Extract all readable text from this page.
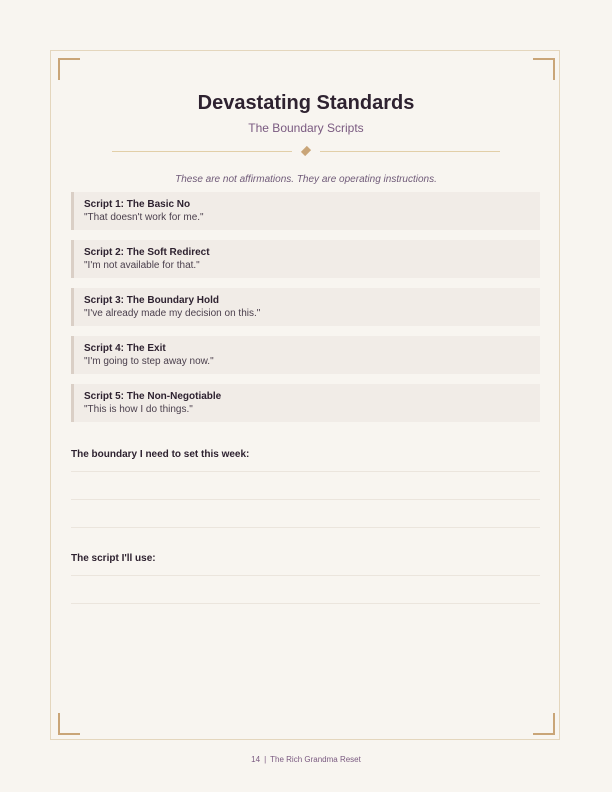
Devastating Standards
The Boundary Scripts
These are not affirmations. They are operating instructions.
Script 1: The Basic No
"That doesn't work for me."
Script 2: The Soft Redirect
"I'm not available for that."
Script 3: The Boundary Hold
"I've already made my decision on this."
Script 4: The Exit
"I'm going to step away now."
Script 5: The Non-Negotiable
"This is how I do things."
The boundary I need to set this week:
The script I'll use:
14 | The Rich Grandma Reset
